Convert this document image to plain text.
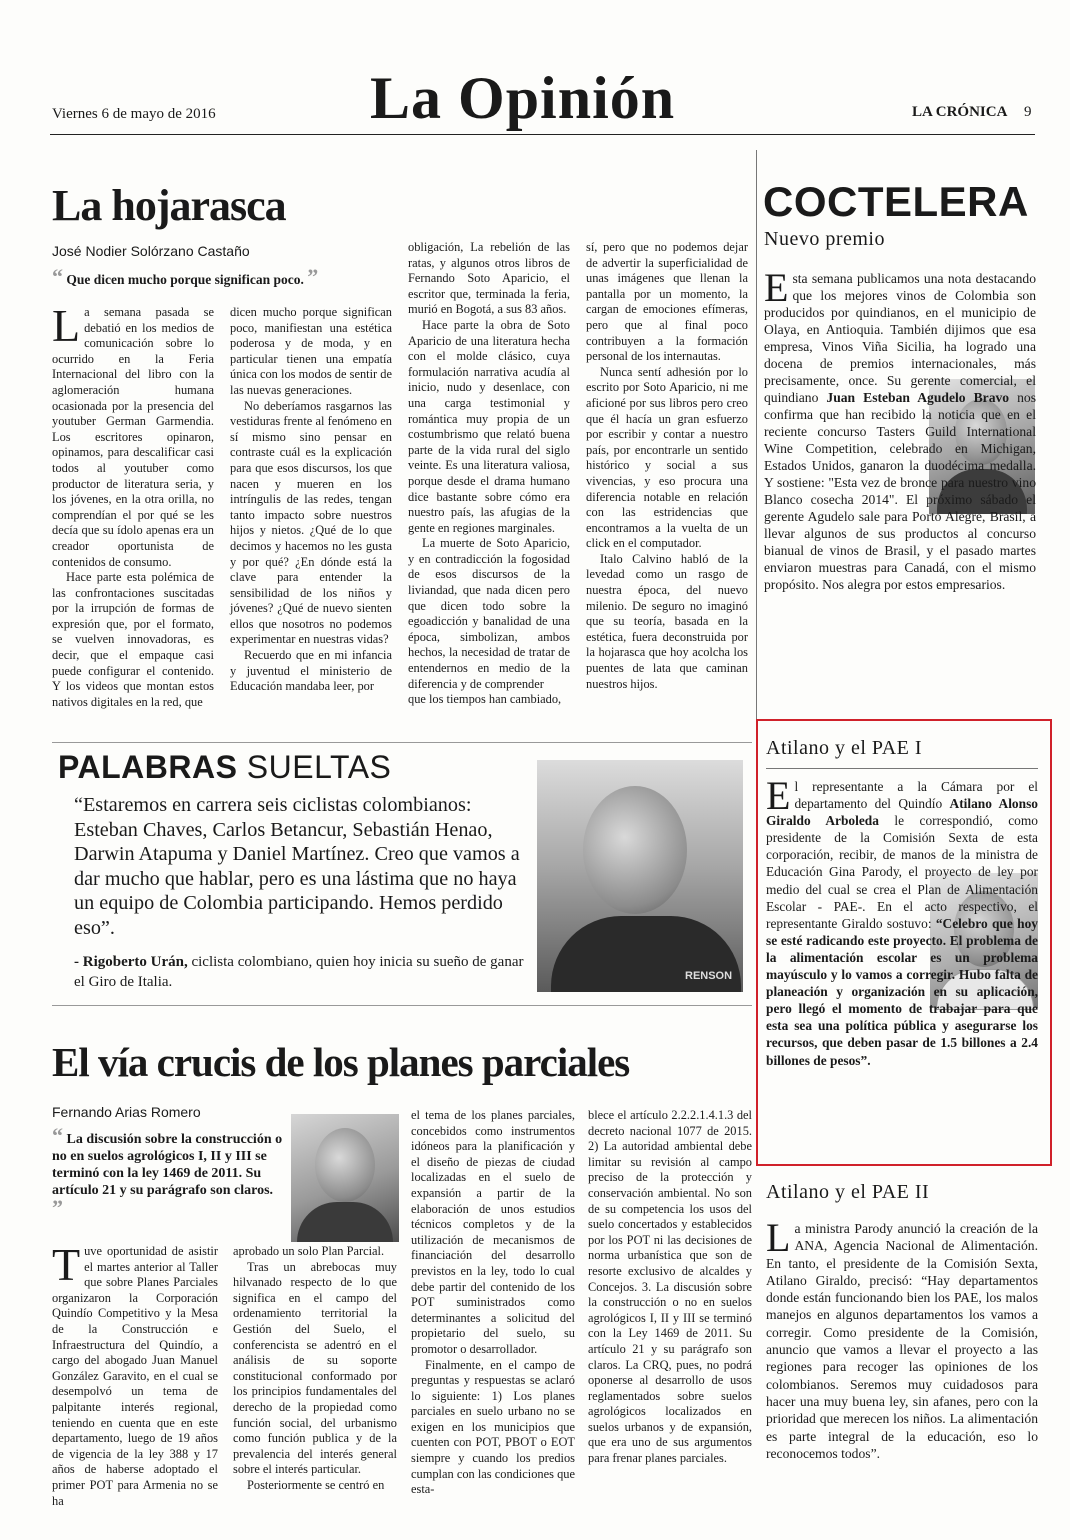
Viernes 6 de mayo de 2016	La Opinión	LA CRÓNICA 9
La hojarasca
José Nodier Solórzano Castaño
“ Que dicen mucho porque significan poco. ”
L a semana pasada se debatió en los medios de comunicación sobre lo ocurrido en la Feria Internacional del libro con la aglomeración humana ocasionada por la presencia del youtuber German Garmendia. Los escritores opinaron, opinamos, para descalificar casi todos al youtuber como productor de literatura seria, y los jóvenes, en la otra orilla, no comprendían el por qué se les decía que su ídolo apenas era un creador oportunista de contenidos de consumo.

Hace parte esta polémica de las confrontaciones suscitadas por la irrupción de formas de expresión que, por el formato, se vuelven innovadoras, es decir, que el empaque casi puede configurar el contenido. Y los videos que montan estos nativos digitales en la red, que

dicen mucho porque significan poco, manifiestan una estética poderosa y de moda, y en particular tienen una empatía única con los modos de sentir de las nuevas generaciones.

No deberíamos rasgarnos las vestiduras frente al fenómeno en sí mismo sino pensar en contraste cuál es la explicación para que esos discursos, los que nacen y mueren en los intríngulis de las redes, tengan tanto impacto sobre nuestros hijos y nietos. ¿Qué de lo que decimos y hacemos no les gusta y por qué? ¿En dónde está la clave para entender la sensibilidad de los niños y jóvenes? ¿Qué de nuevo sienten ellos que nosotros no podemos experimentar en nuestras vidas?

Recuerdo que en mi infancia y juventud el ministerio de Educación mandaba leer, por

obligación, La rebelión de las ratas, y algunos otros libros de Fernando Soto Aparicio, el escritor que, terminada la feria, murió en Bogotá, a sus 83 años.

Hace parte la obra de Soto Aparicio de una literatura hecha con el molde clásico, cuya formulación narrativa acudía al inicio, nudo y desenlace, con una carga testimonial y romántica muy propia de un costumbrismo que relató buena parte de la vida rural del siglo veinte. Es una literatura valiosa, porque desde el drama humano dice bastante sobre cómo era nuestro país, las afugias de la gente en regiones marginales.

La muerte de Soto Aparicio, y en contradicción la fogosidad de esos discursos de la liviandad, que nada dicen pero que dicen todo sobre la egoadicción y banalidad de una época, simbolizan, ambos hechos, la necesidad de tratar de entendernos en medio de la diferencia y de comprender

que los tiempos han cambiado,

sí, pero que no podemos dejar de advertir la superficialidad de unas imágenes que llenan la pantalla por un momento, la cargan de emociones efímeras, pero que al final poco contribuyen a la formación personal de los internautas.

Nunca sentí adhesión por lo escrito por Soto Aparicio, ni me aficioné por sus libros pero creo que él hacía un gran esfuerzo por escribir y contar a nuestro país, por encontrarle un sentido histórico y social a sus vivencias, y eso procura una diferencia notable en relación con las estridencias que encontramos a la vuelta de un click en el computador.

Italo Calvino habló de la levedad como un rasgo de nuestra época, del nuevo milenio. De seguro no imaginó que su teoría, basada en la estética, fuera deconstruida por la hojarasca que hoy acolcha los puentes de lata que caminan nuestros hijos.

COCTELERA
Nuevo premio
E sta semana publicamos una nota destacando que los mejores vinos de Colombia son producidos por quindianos, en el municipio de Olaya, en Antioquia. También dijimos que esa empresa, Vinos Viña Sicilia, ha logrado una docena de premios internacionales, más precisamente, once. Su gerente comercial, el quindiano Juan Esteban Agudelo Bravo nos confirma que han recibido la noticia que en el reciente concurso Tasters Guild International Wine Competition, celebrado en Michigan, Estados Unidos, ganaron la duodécima medalla. Y sostiene: "Esta vez de bronce para nuestro vino Blanco cosecha 2014". El próximo sábado el gerente Agudelo sale para Porto Alegre, Brasil, a llevar algunos de sus productos al concurso bianual de vinos de Brasil, y el pasado martes enviaron muestras para Canadá, con el mismo propósito. Nos alegra por estos empresarios.
PALABRAS SUELTAS
“Estaremos en carrera seis ciclistas colombianos: Esteban Chaves, Carlos Betancur, Sebastián Henao, Darwin Atapuma y Daniel Martínez. Creo que vamos a dar mucho que hablar, pero es una lástima que no haya un equipo de Colombia participando. Hemos perdido eso”.
- Rigoberto Urán, ciclista colombiano, quien hoy inicia su sueño de ganar el Giro de Italia.	RENSON
Atilano y el PAE I
E l representante a la Cámara por el departamento del Quindío Atilano Alonso Giraldo Arboleda le correspondió, como presidente de la Comisión Sexta de esta corporación, recibir, de manos de la ministra de Educación Gina Parody, el proyecto de ley por medio del cual se crea el Plan de Alimentación Escolar - PAE-. En el acto respectivo, el representante Giraldo sostuvo: “Celebro que hoy se esté radicando este proyecto. El problema de la alimentación escolar es un problema mayúsculo y lo vamos a corregir. Hubo falta de planeación y organización en su aplicación, pero llegó el momento de trabajar para que esta sea una política pública y asegurarse los recursos, que deben pasar de 1.5 billones a 2.4 billones de pesos”.
Atilano y el PAE II
L a ministra Parody anunció la creación de la ANA, Agencia Nacional de Alimentación. En tanto, el presidente de la Comisión Sexta, Atilano Giraldo, precisó: “Hay departamentos donde están funcionando bien los PAE, los malos manejos en algunos departamentos los vamos a corregir. Como presidente de la Comisión, anuncio que vamos a llevar el proyecto a las regiones para recoger las opiniones de los colombianos. Seremos muy cuidadosos para hacer una muy buena ley, sin afanes, pero con la prioridad que merecen los niños. La alimentación es parte integral de la educación, eso lo reconocemos todos”.
El vía crucis de los planes parciales
Fernando Arias Romero
“ La discusión sobre la construcción o no en suelos agrológicos I, II y III se terminó con la ley 1469 de 2011. Su artículo 21 y su parágrafo son claros. ”
T uve oportunidad de asistir el martes anterior al Taller que sobre Planes Parciales organizaron la Corporación Quindío Competitivo y la Mesa de la Construcción e Infraestructura del Quindío, a cargo del abogado Juan Manuel González Garavito, en el cual se desempolvó un tema de palpitante interés regional, teniendo en cuenta que en este departamento, luego de 19 años de vigencia de la ley 388 y 17 años de haberse adoptado el primer POT para Armenia no se ha

aprobado un solo Plan Parcial.

Tras un abrebocas muy hilvanado respecto de lo que significa en el campo del ordenamiento territorial la Gestión del Suelo, el conferencista se adentró en el análisis de su soporte constitucional conformado por los principios fundamentales del derecho de la propiedad como función social, del urbanismo como función publica y de la prevalencia del interés general sobre el interés particular.

Posteriormente se centró en

el tema de los planes parciales, concebidos como instrumentos idóneos para la planificación y el diseño de piezas de ciudad localizadas en el suelo de expansión a partir de la elaboración de unos estudios técnicos completos y de la utilización de mecanismos de financiación del desarrollo previstos en la ley, todo lo cual debe partir del contenido de los POT suministrados como determinantes a solicitud del propietario del suelo, su promotor o desarrollador.

Finalmente, en el campo de preguntas y respuestas se aclaró lo siguiente: 1) Los planes parciales en suelo urbano no se exigen en los municipios que cuenten con POT, PBOT o EOT siempre y cuando los predios cumplan con las condiciones que esta-

blece el artículo 2.2.2.1.4.1.3 del decreto nacional 1077 de 2015. 2) La autoridad ambiental debe limitar su revisión al campo preciso de la protección y conservación ambiental. No son de su competencia los usos del suelo concertados y establecidos por los POT ni las decisiones de norma urbanística que son de resorte exclusivo de alcaldes y Concejos. 3. La discusión sobre la construcción o no en suelos agrológicos I, II y III se terminó con la Ley 1469 de 2011. Su artículo 21 y su parágrafo son claros. La CRQ, pues, no podrá oponerse al desarrollo de usos reglamentados sobre suelos agrológicos localizados en suelos urbanos y de expansión, que era uno de sus argumentos para frenar planes parciales.
